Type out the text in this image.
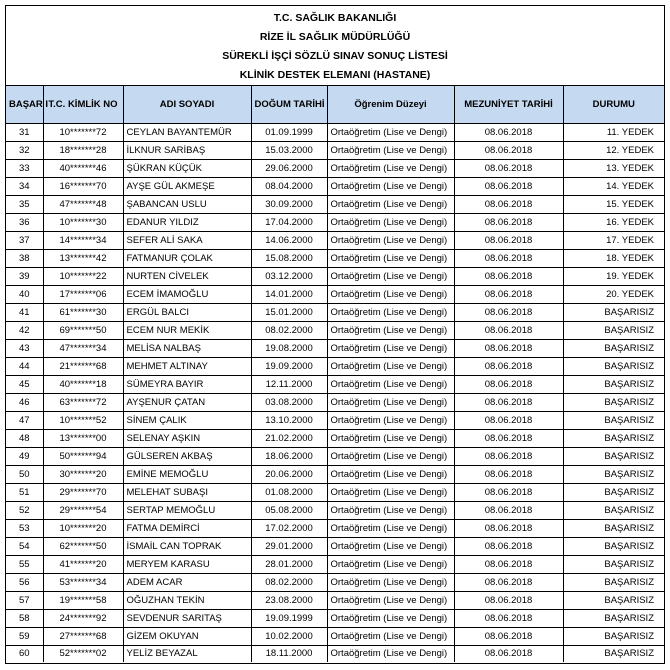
T.C. SAĞLIK BAKANLIĞI
RİZE İL SAĞLIK MÜDÜRLÜĞÜ
SÜREKLİ İŞÇİ SÖZLÜ SINAV SONUÇ LİSTESİ
KLİNİK DESTEK ELEMANI (HASTANE)
BAŞAR I	T.C. KİMLİK NO	ADI SOYADI	DOĞUM TARİHİ	Öğrenim Düzeyi	MEZUNİYET TARİHİ	DURUMU
31	10*******72	CEYLAN BAYANTEMÜR	01.09.1999	Ortaöğretim (Lise ve Dengi)	08.06.2018	11. YEDEK
32	18*******28	İLKNUR SARİBAŞ	15.03.2000	Ortaöğretim (Lise ve Dengi)	08.06.2018	12. YEDEK
33	40*******46	ŞÜKRAN KÜÇÜK	29.06.2000	Ortaöğretim (Lise ve Dengi)	08.06.2018	13. YEDEK
34	16*******70	AYŞE GÜL AKMEŞE	08.04.2000	Ortaöğretim (Lise ve Dengi)	08.06.2018	14. YEDEK
35	47*******48	ŞABANCAN USLU	30.09.2000	Ortaöğretim (Lise ve Dengi)	08.06.2018	15. YEDEK
36	10*******30	EDANUR YILDIZ	17.04.2000	Ortaöğretim (Lise ve Dengi)	08.06.2018	16. YEDEK
37	14*******34	SEFER ALİ SAKA	14.06.2000	Ortaöğretim (Lise ve Dengi)	08.06.2018	17. YEDEK
38	13*******42	FATMANUR ÇOLAK	15.08.2000	Ortaöğretim (Lise ve Dengi)	08.06.2018	18. YEDEK
39	10*******22	NURTEN CİVELEK	03.12.2000	Ortaöğretim (Lise ve Dengi)	08.06.2018	19. YEDEK
40	17*******06	ECEM İMAMOĞLU	14.01.2000	Ortaöğretim (Lise ve Dengi)	08.06.2018	20. YEDEK
41	61*******30	ERGÜL BALCI	15.01.2000	Ortaöğretim (Lise ve Dengi)	08.06.2018	BAŞARISIZ
42	69*******50	ECEM NUR MEKİK	08.02.2000	Ortaöğretim (Lise ve Dengi)	08.06.2018	BAŞARISIZ
43	47*******34	MELİSA NALBAŞ	19.08.2000	Ortaöğretim (Lise ve Dengi)	08.06.2018	BAŞARISIZ
44	21*******68	MEHMET ALTINAY	19.09.2000	Ortaöğretim (Lise ve Dengi)	08.06.2018	BAŞARISIZ
45	40*******18	SÜMEYRA BAYIR	12.11.2000	Ortaöğretim (Lise ve Dengi)	08.06.2018	BAŞARISIZ
46	63*******72	AYŞENUR ÇATAN	03.08.2000	Ortaöğretim (Lise ve Dengi)	08.06.2018	BAŞARISIZ
47	10*******52	SİNEM ÇALIK	13.10.2000	Ortaöğretim (Lise ve Dengi)	08.06.2018	BAŞARISIZ
48	13*******00	SELENAY AŞKIN	21.02.2000	Ortaöğretim (Lise ve Dengi)	08.06.2018	BAŞARISIZ
49	50*******94	GÜLSEREN AKBAŞ	18.06.2000	Ortaöğretim (Lise ve Dengi)	08.06.2018	BAŞARISIZ
50	30*******20	EMİNE MEMOĞLU	20.06.2000	Ortaöğretim (Lise ve Dengi)	08.06.2018	BAŞARISIZ
51	29*******70	MELEHAT SUBAŞI	01.08.2000	Ortaöğretim (Lise ve Dengi)	08.06.2018	BAŞARISIZ
52	29*******54	SERTAP MEMOĞLU	05.08.2000	Ortaöğretim (Lise ve Dengi)	08.06.2018	BAŞARISIZ
53	10*******20	FATMA DEMİRCİ	17.02.2000	Ortaöğretim (Lise ve Dengi)	08.06.2018	BAŞARISIZ
54	62*******50	İSMAİL CAN TOPRAK	29.01.2000	Ortaöğretim (Lise ve Dengi)	08.06.2018	BAŞARISIZ
55	41*******20	MERYEM KARASU	28.01.2000	Ortaöğretim (Lise ve Dengi)	08.06.2018	BAŞARISIZ
56	53*******34	ADEM ACAR	08.02.2000	Ortaöğretim (Lise ve Dengi)	08.06.2018	BAŞARISIZ
57	19*******58	OĞUZHAN TEKİN	23.08.2000	Ortaöğretim (Lise ve Dengi)	08.06.2018	BAŞARISIZ
58	24*******92	SEVDENUR SARITAŞ	19.09.1999	Ortaöğretim (Lise ve Dengi)	08.06.2018	BAŞARISIZ
59	27*******68	GİZEM OKUYAN	10.02.2000	Ortaöğretim (Lise ve Dengi)	08.06.2018	BAŞARISIZ
60	52*******02	YELİZ BEYAZAL	18.11.2000	Ortaöğretim (Lise ve Dengi)	08.06.2018	BAŞARISIZ
